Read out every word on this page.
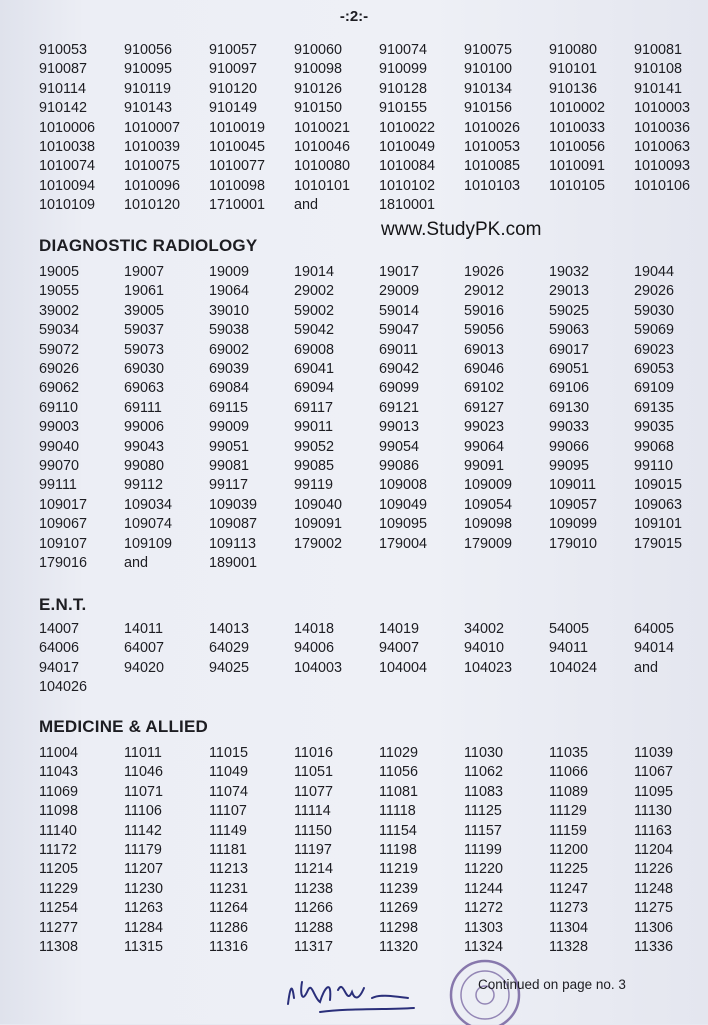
-:2:-
910053	910056	910057	910060	910074	910075	910080	910081
910087	910095	910097	910098	910099	910100	910101	910108
910114	910119	910120	910126	910128	910134	910136	910141
910142	910143	910149	910150	910155	910156	1010002	1010003
1010006	1010007	1010019	1010021	1010022	1010026	1010033	1010036
1010038	1010039	1010045	1010046	1010049	1010053	1010056	1010063
1010074	1010075	1010077	1010080	1010084	1010085	1010091	1010093
1010094	1010096	1010098	1010101	1010102	1010103	1010105	1010106
1010109	1010120	1710001	and	1810001
www.StudyPK.com
DIAGNOSTIC RADIOLOGY
19005	19007	19009	19014	19017	19026	19032	19044
19055	19061	19064	29002	29009	29012	29013	29026
39002	39005	39010	59002	59014	59016	59025	59030
59034	59037	59038	59042	59047	59056	59063	59069
59072	59073	69002	69008	69011	69013	69017	69023
69026	69030	69039	69041	69042	69046	69051	69053
69062	69063	69084	69094	69099	69102	69106	69109
69110	69111	69115	69117	69121	69127	69130	69135
99003	99006	99009	99011	99013	99023	99033	99035
99040	99043	99051	99052	99054	99064	99066	99068
99070	99080	99081	99085	99086	99091	99095	99110
99111	99112	99117	99119	109008	109009	109011	109015
109017	109034	109039	109040	109049	109054	109057	109063
109067	109074	109087	109091	109095	109098	109099	109101
109107	109109	109113	179002	179004	179009	179010	179015
179016	and	189001
E.N.T.
14007	14011	14013	14018	14019	34002	54005	64005
64006	64007	64029	94006	94007	94010	94011	94014
94017	94020	94025	104003	104004	104023	104024	and
104026
MEDICINE & ALLIED
11004	11011	11015	11016	11029	11030	11035	11039
11043	11046	11049	11051	11056	11062	11066	11067
11069	11071	11074	11077	11081	11083	11089	11095
11098	11106	11107	11114	11118	11125	11129	11130
11140	11142	11149	11150	11154	11157	11159	11163
11172	11179	11181	11197	11198	11199	11200	11204
11205	11207	11213	11214	11219	11220	11225	11226
11229	11230	11231	11238	11239	11244	11247	11248
11254	11263	11264	11266	11269	11272	11273	11275
11277	11284	11286	11288	11298	11303	11304	11306
11308	11315	11316	11317	11320	11324	11328	11336
Continued on page no. 3
